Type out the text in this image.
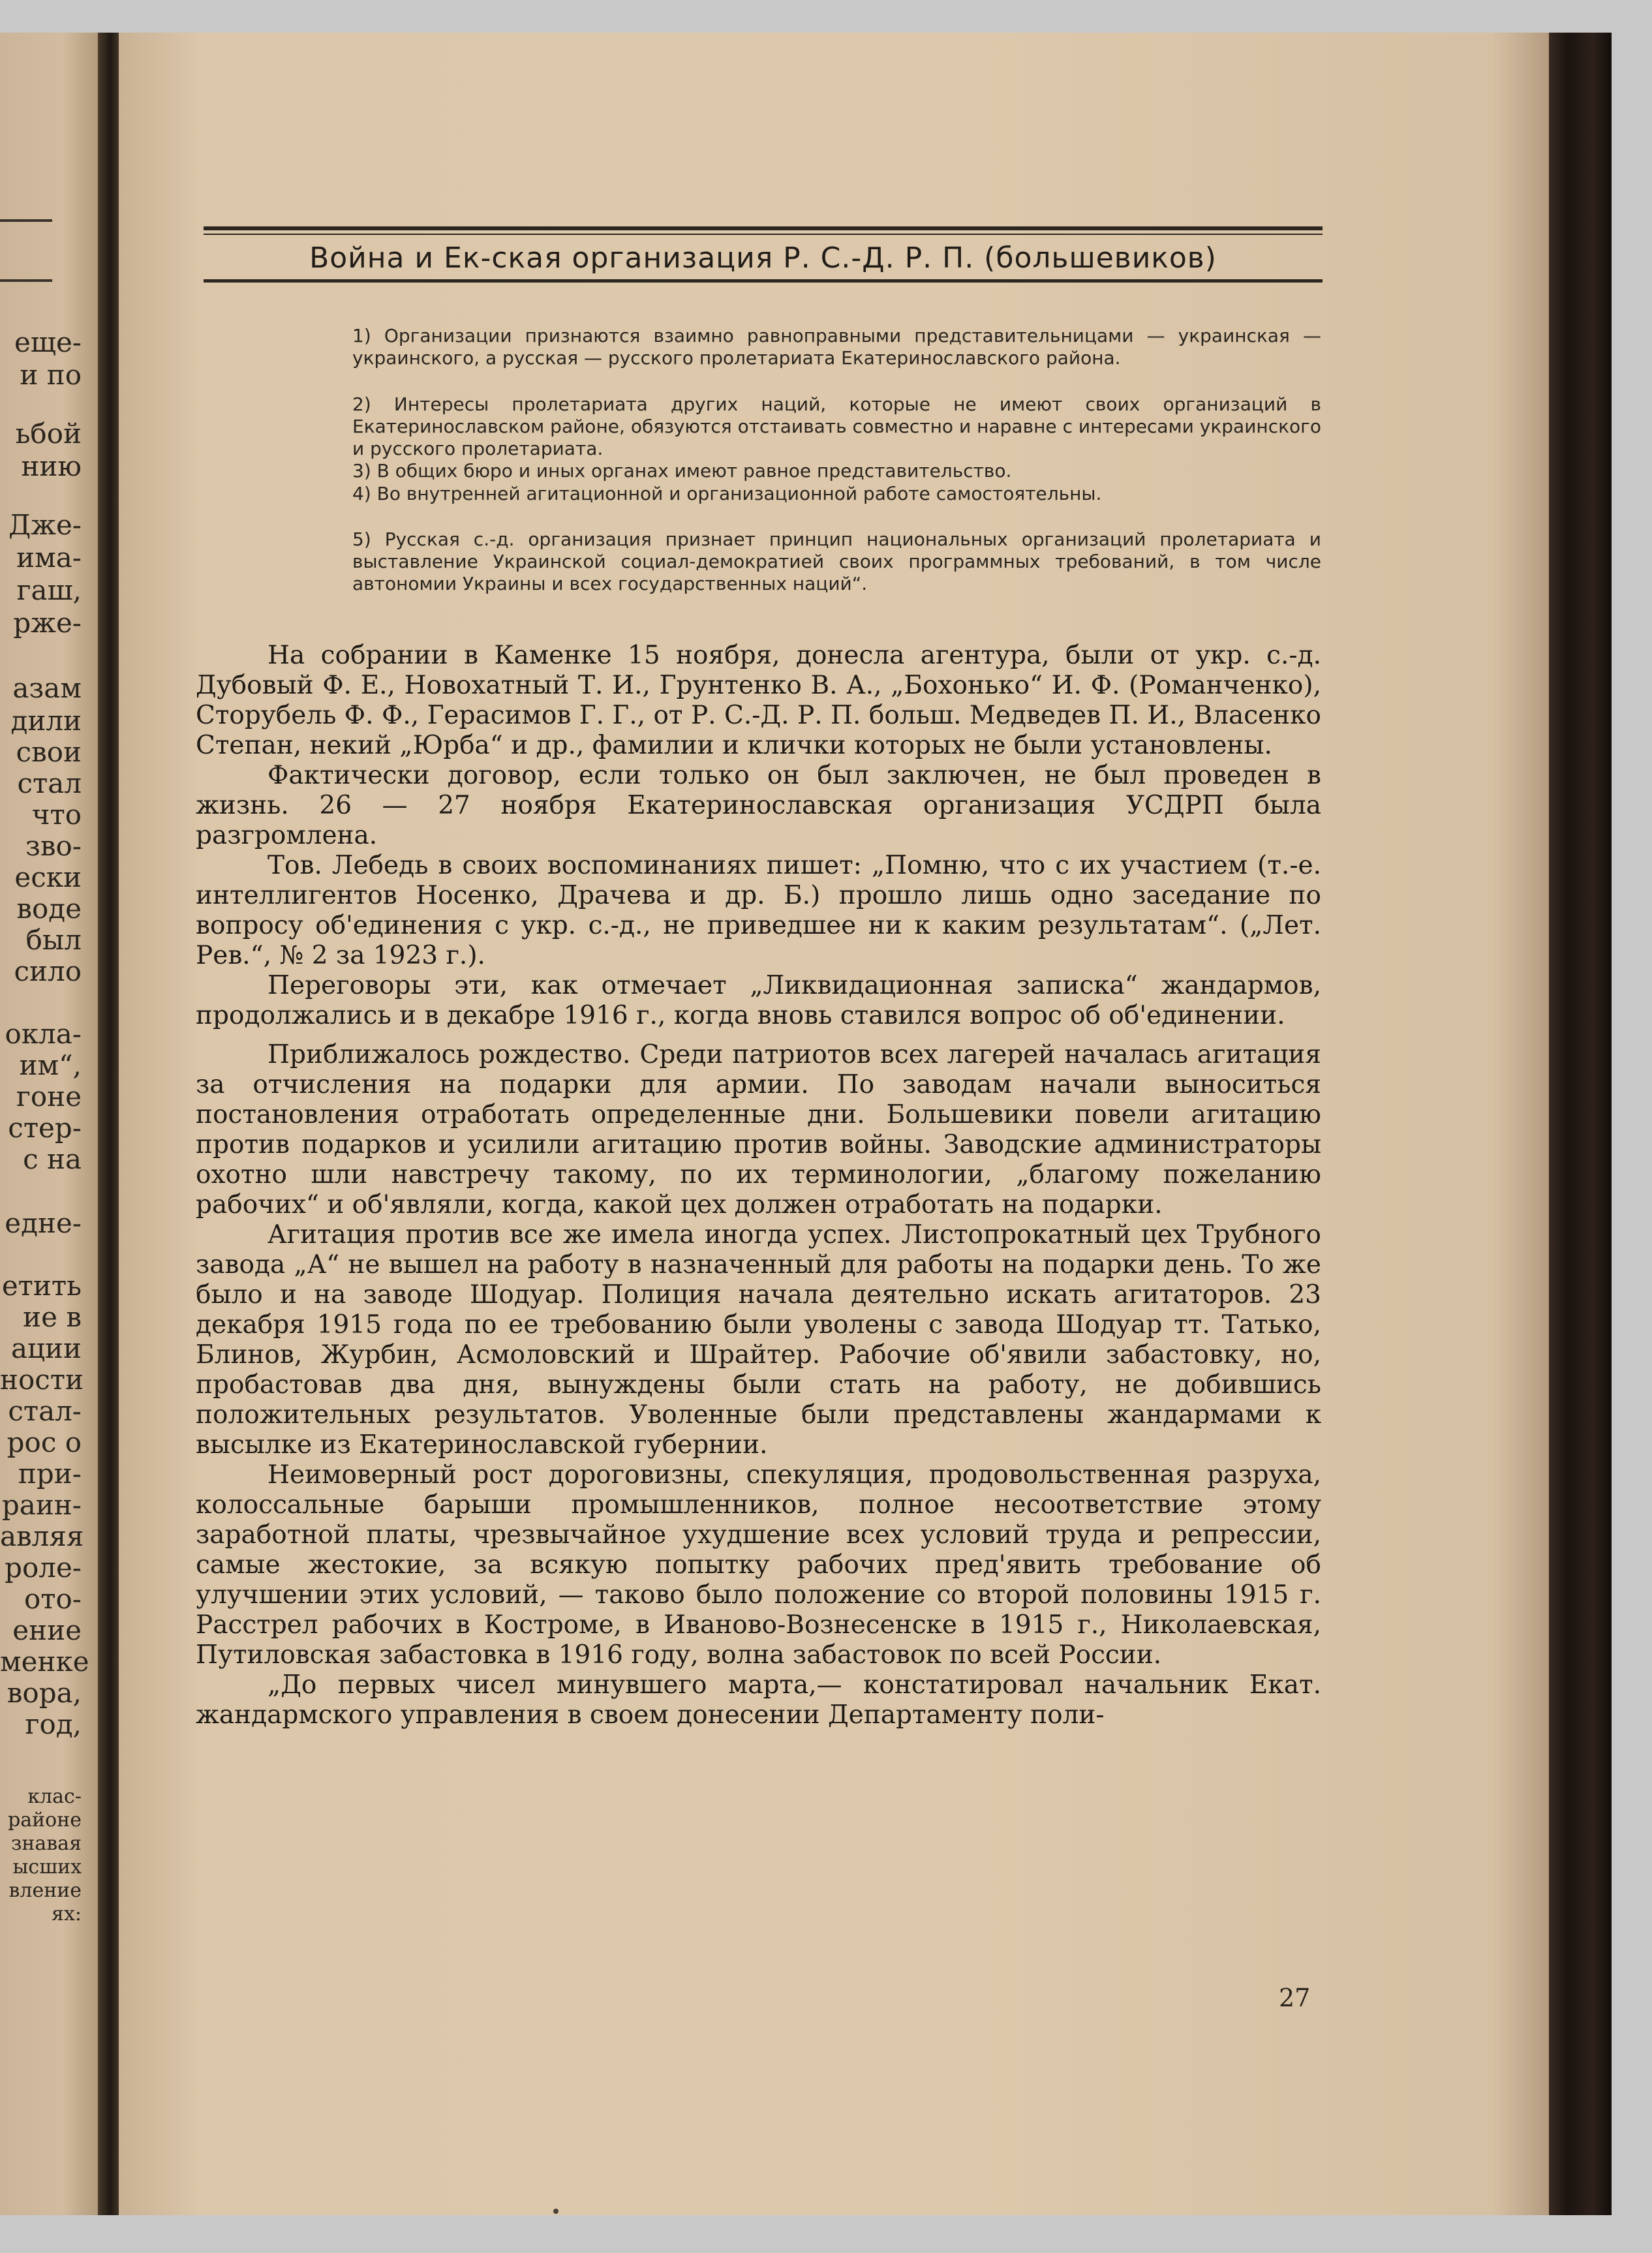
ещe-
и по
ьбой
нию
Дже-
има-
гаш,
рже-
азам
дили
свои
стал
что
зво-
ески
воде
был
сило
окла-
им“,
гоне
стер-
с на
едне-
етить
ие в
ации
ности
стал-
рос о
при-
раин-
авляя
роле-
ото-
ение
менке
вора,
год,
клас-
районе
знавая
ысших
вление
ях:
Война и Ек-ская организация Р. С.-Д. Р. П. (большевиков)
1) Организации признаются взаимно равноправными представительницами — украинская — украинского, а русская — русского пролетариата Екатеринославского района.
2) Интересы пролетариата других наций, которые не имеют своих организаций в Екатеринославском районе, обязуются отстаивать совместно и наравне с интересами украинского и русского пролетариата.
3) В общих бюро и иных органах имеют равное представительство.
4) Во внутренней агитационной и организационной работе самостоятельны.
5) Русская с.-д. организация признает принцип национальных организаций пролетариата и выставление Украинской социал-демократией своих программных требований, в том числе автономии Украины и всех государственных наций“.

На собрании в Каменке 15 ноября, донесла агентура, были от укр. с.-д. Дубовый Ф. Е., Новохатный Т. И., Грунтенко В. А., „Бохонько“ И. Ф. (Романченко), Сторубель Ф. Ф., Герасимов Г. Г., от Р. С.-Д. Р. П. больш. Медведев П. И., Власенко Степан, некий „Юрба“ и др., фамилии и клички которых не были установлены.

Фактически договор, если только он был заключен, не был проведен в жизнь. 26 — 27 ноября Екатеринославская организация УСДРП была разгромлена.

Тов. Лебедь в своих воспоминаниях пишет: „Помню, что с их участием (т.-е. интеллигентов Носенко, Драчева и др. Б.) прошло лишь одно заседание по вопросу об'единения с укр. с.-д., не приведшее ни к каким результатам“. („Лет. Рев.“, № 2 за 1923 г.).

Переговоры эти, как отмечает „Ликвидационная записка“ жандармов, продолжались и в декабре 1916 г., когда вновь ставился вопрос об об'единении.

Приближалось рождество. Среди патриотов всех лагерей началась агитация за отчисления на подарки для армии. По заводам начали выноситься постановления отработать определенные дни. Большевики повели агитацию против подарков и усилили агитацию против войны. Заводские администраторы охотно шли навстречу такому, по их терминологии, „благому пожеланию рабочих“ и об'являли, когда, какой цех должен отработать на подарки.

Агитация против все же имела иногда успех. Листопрокатный цех Трубного завода „А“ не вышел на работу в назначенный для работы на подарки день. То же было и на заводе Шодуар. Полиция начала деятельно искать агитаторов. 23 декабря 1915 года по ее требованию были уволены с завода Шодуар тт. Татько, Блинов, Журбин, Асмоловский и Шрайтер. Рабочие об'явили забастовку, но, пробастовав два дня, вынуждены были стать на работу, не добившись положительных результатов. Уволенные были представлены жандармами к высылке из Екатеринославской губернии.

Неимоверный рост дороговизны, спекуляция, продовольственная разруха, колоссальные барыши промышленников, полное несоответствие этому заработной платы, чрезвычайное ухудшение всех условий труда и репрессии, самые жестокие, за всякую попытку рабочих пред'явить требование об улучшении этих условий, — таково было положение со второй половины 1915 г. Расстрел рабочих в Костроме, в Иваново-Вознесенске в 1915 г., Николаевская, Путиловская забастовка в 1916 году, волна забастовок по всей России.

„До первых чисел минувшего марта,— констатировал начальник Екат. жандармского управления в своем донесении Департаменту поли-

27
